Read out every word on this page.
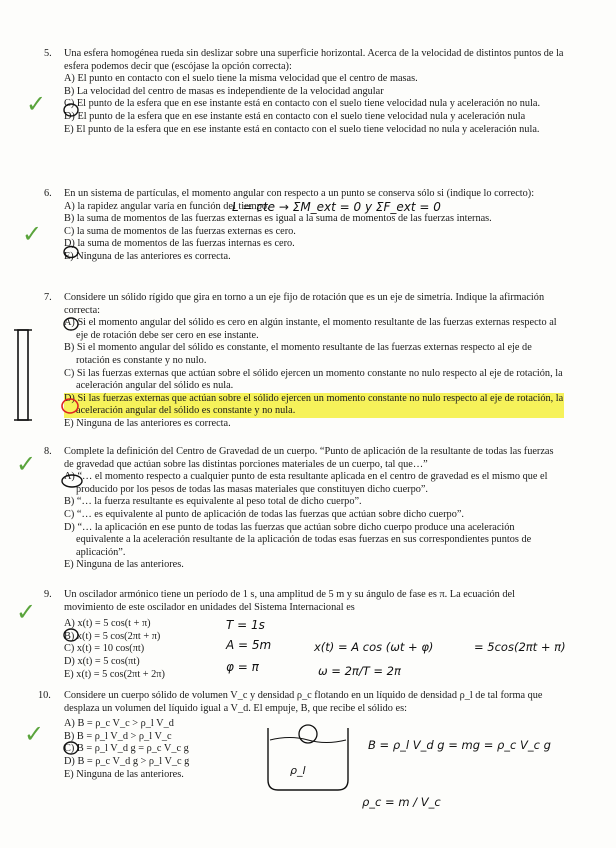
5. Una esfera homogénea rueda sin deslizar sobre una superficie horizontal. Acerca de la velocidad de distintos puntos de la esfera podemos decir que (escójase la opción correcta):
A) El punto en contacto con el suelo tiene la misma velocidad que el centro de masas.
B) La velocidad del centro de masas es independiente de la velocidad angular
C) El punto de la esfera que en ese instante está en contacto con el suelo tiene velocidad nula y aceleración no nula.
D) El punto de la esfera que en ese instante está en contacto con el suelo tiene velocidad nula y aceleración nula
E) El punto de la esfera que en ese instante está en contacto con el suelo tiene velocidad no nula y aceleración nula.
6. En un sistema de partículas, el momento angular con respecto a un punto se conserva sólo si (indique lo correcto):
A) la rapidez angular varía en función del tiempo.
B) la suma de momentos de las fuerzas externas es igual a la suma de momentos de las fuerzas internas.
C) la suma de momentos de las fuerzas externas es cero.
D) la suma de momentos de las fuerzas internas es cero.
E) Ninguna de las anteriores es correcta.
7. Considere un sólido rígido que gira en torno a un eje fijo de rotación que es un eje de simetría. Indique la afirmación correcta:
A) Si el momento angular del sólido es cero en algún instante, el momento resultante de las fuerzas externas respecto al eje de rotación debe ser cero en ese instante.
B) Si el momento angular del sólido es constante, el momento resultante de las fuerzas externas respecto al eje de rotación es constante y no nulo.
C) Si las fuerzas externas que actúan sobre el sólido ejercen un momento constante no nulo respecto al eje de rotación, la aceleración angular del sólido es nula.
D) Si las fuerzas externas que actúan sobre el sólido ejercen un momento constante no nulo respecto al eje de rotación, la aceleración angular del sólido es constante y no nula.
E) Ninguna de las anteriores es correcta.
8. Complete la definición del Centro de Gravedad de un cuerpo. “Punto de aplicación de la resultante de todas las fuerzas de gravedad que actúan sobre las distintas porciones materiales de un cuerpo, tal que…”
A) “… el momento respecto a cualquier punto de esta resultante aplicada en el centro de gravedad es el mismo que el producido por los pesos de todas las masas materiales que constituyen dicho cuerpo”.
B) “… la fuerza resultante es equivalente al peso total de dicho cuerpo”.
C) “… es equivalente al punto de aplicación de todas las fuerzas que actúan sobre dicho cuerpo”.
D) “… la aplicación en ese punto de todas las fuerzas que actúan sobre dicho cuerpo produce una aceleración equivalente a la aceleración resultante de la aplicación de todas esas fuerzas en sus correspondientes puntos de aplicación”.
E) Ninguna de las anteriores.
9. Un oscilador armónico tiene un período de 1 s, una amplitud de 5 m y su ángulo de fase es π. La ecuación del movimiento de este oscilador en unidades del Sistema Internacional es
A) x(t) = 5 cos(t + π)
B) x(t) = 5 cos(2πt + π)
C) x(t) = 10 cos(πt)
D) x(t) = 5 cos(πt)
E) x(t) = 5 cos(2πt + 2π)
10. Considere un cuerpo sólido de volumen V_c y densidad ρ_c flotando en un líquido de densidad ρ_l de tal forma que desplaza un volumen del líquido igual a V_d. El empuje, B, que recibe el sólido es:
A) B = ρ_c V_c > ρ_l V_d
B) B = ρ_l V_d > ρ_l V_c
C) B = ρ_l V_d g = ρ_c V_c g
D) B = ρ_c V_d g > ρ_l V_c g
E) Ninguna de las anteriores.
✓
✓
✓
✓
✓
L = cte → ΣM_ext = 0 y ΣF_ext = 0
T = 1s
A = 5m
φ = π
x(t) = A cos (ωt + φ)	= 5cos(2πt + π)
ω = 2π/T = 2π
B = ρ_l V_d g = mg = ρ_c V_c g
ρ_l
ρ_c = m / V_c
